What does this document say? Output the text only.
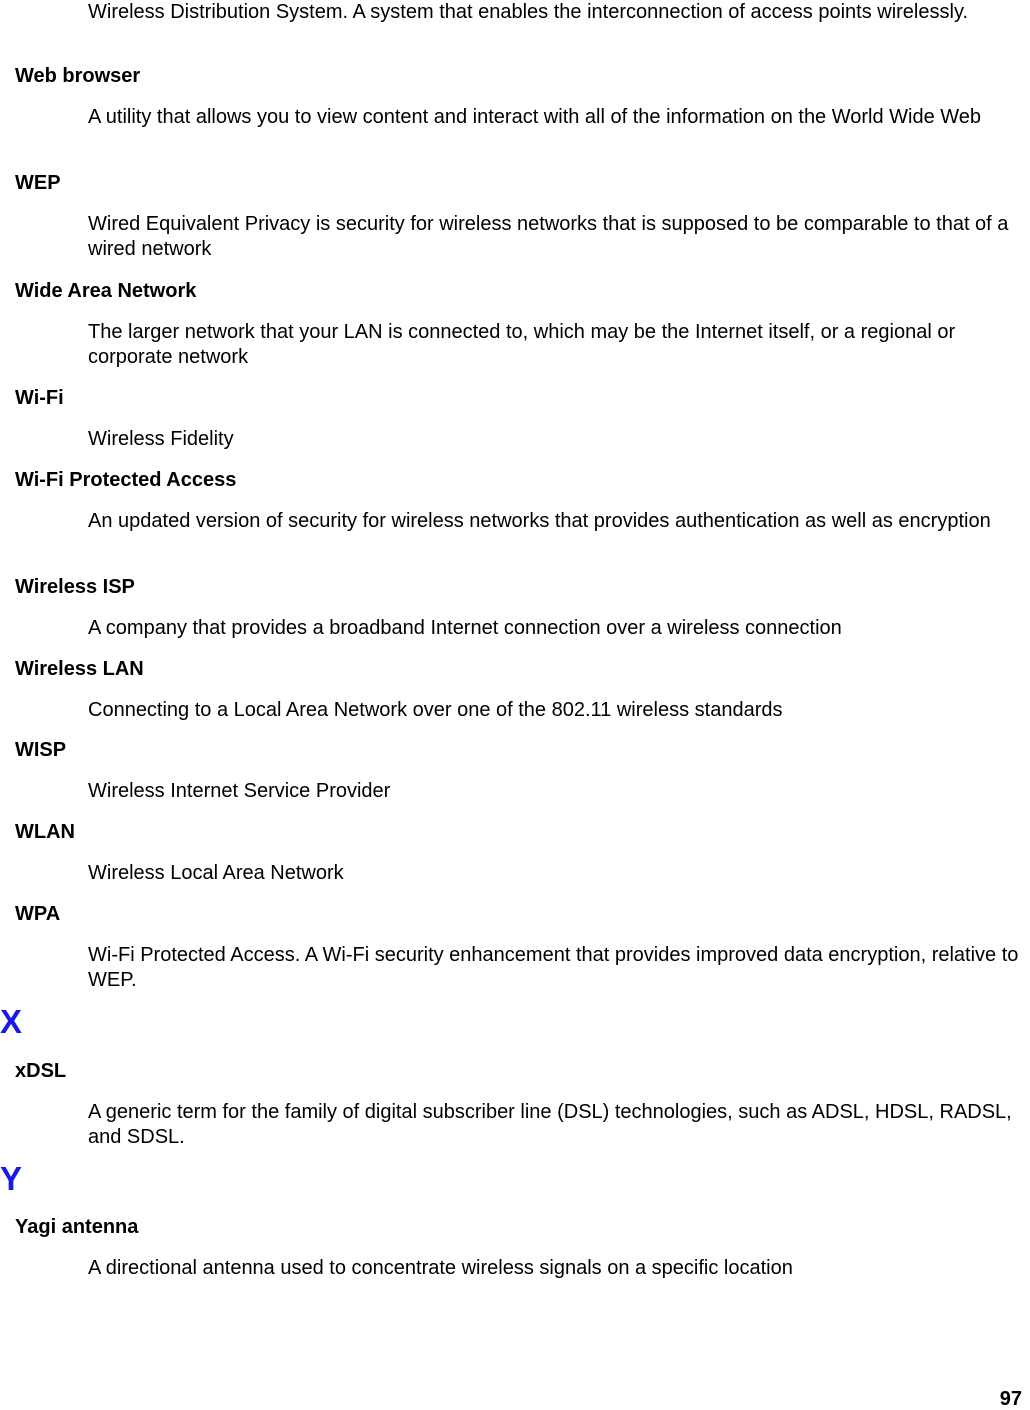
Wireless Distribution System. A system that enables the interconnection of access points wirelessly.

Web browser

A utility that allows you to view content and interact with all of the information on the World Wide Web

WEP

Wired Equivalent Privacy is security for wireless networks that is supposed to be comparable to that of a wired network

Wide Area Network

The larger network that your LAN is connected to, which may be the Internet itself, or a regional or corporate network

Wi-Fi

Wireless Fidelity

Wi-Fi Protected Access

An updated version of security for wireless networks that provides authentication as well as encryption

Wireless ISP

A company that provides a broadband Internet connection over a wireless connection

Wireless LAN

Connecting to a Local Area Network over one of the 802.11 wireless standards

WISP

Wireless Internet Service Provider

WLAN

Wireless Local Area Network

WPA

Wi-Fi Protected Access. A Wi-Fi security enhancement that provides improved data encryption, relative to WEP.

X
xDSL

A generic term for the family of digital subscriber line (DSL) technologies, such as ADSL, HDSL, RADSL, and SDSL.

Y
Yagi antenna

A directional antenna used to concentrate wireless signals on a specific location

97
